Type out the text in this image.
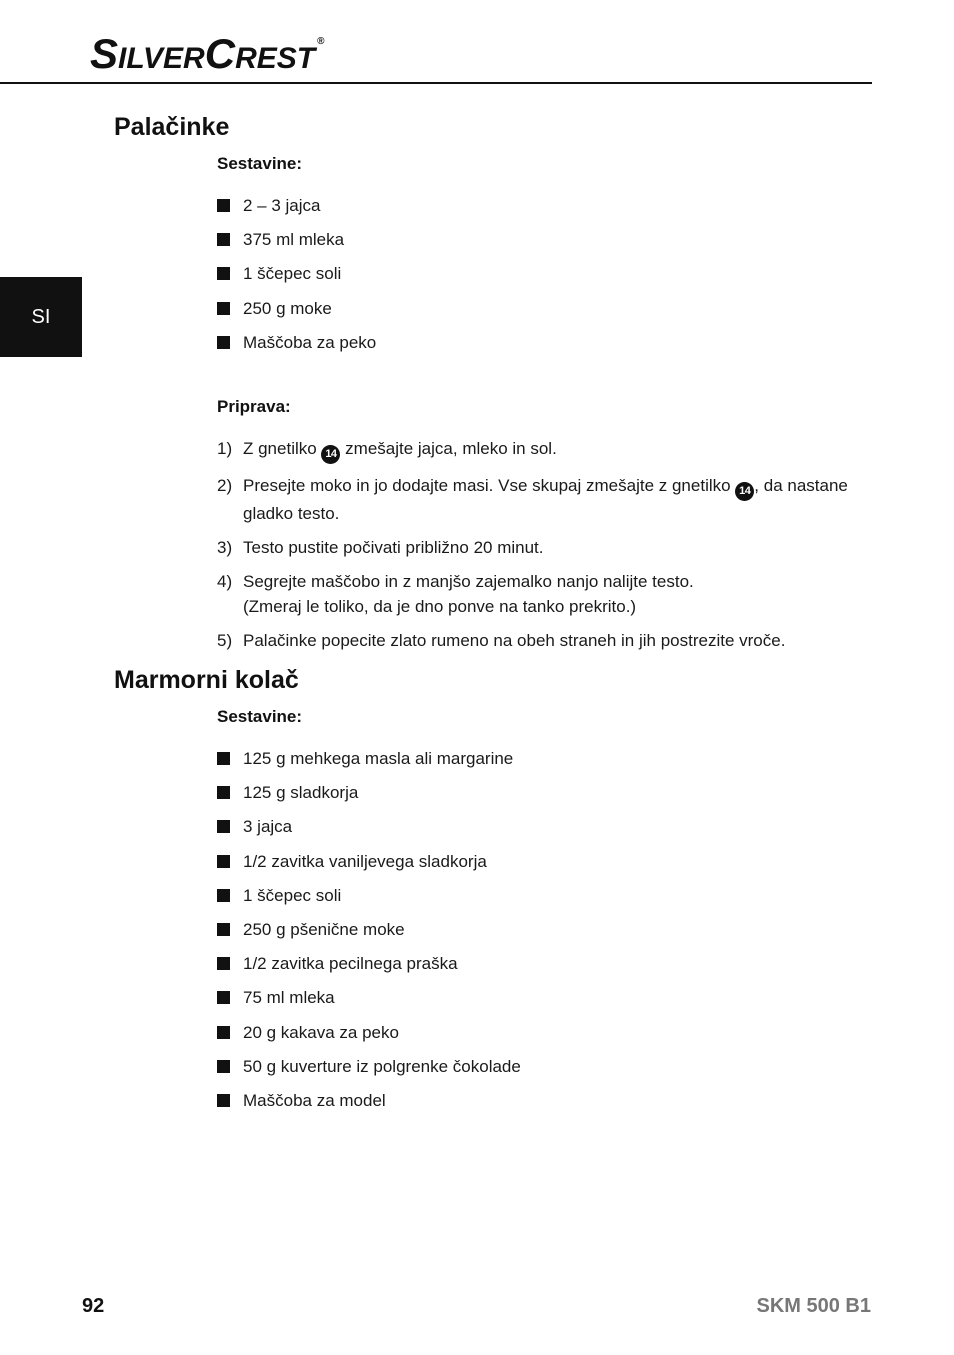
SILVERCREST®
SI
Palačinke
Sestavine:
2 – 3 jajca
375 ml mleka
1 ščepec soli
250 g moke
Maščoba za peko
Priprava:
1) Z gnetilko 14 zmešajte jajca, mleko in sol.
2) Presejte moko in jo dodajte masi. Vse skupaj zmešajte z gnetilko 14 , da nastane gladko testo.
3) Testo pustite počivati približno 20 minut.
4) Segrejte maščobo in z manjšo zajemalko nanjo nalijte testo.
(Zmeraj le toliko, da je dno ponve na tanko prekrito.)
5) Palačinke popecite zlato rumeno na obeh straneh in jih postrezite vroče.
Marmorni kolač
Sestavine:
125 g mehkega masla ali margarine
125 g sladkorja
3 jajca
1/2 zavitka vaniljevega sladkorja
1 ščepec soli
250 g pšenične moke
1/2 zavitka pecilnega praška
75 ml mleka
20 g kakava za peko
50 g kuverture iz polgrenke čokolade
Maščoba za model
92	SKM 500 B1
